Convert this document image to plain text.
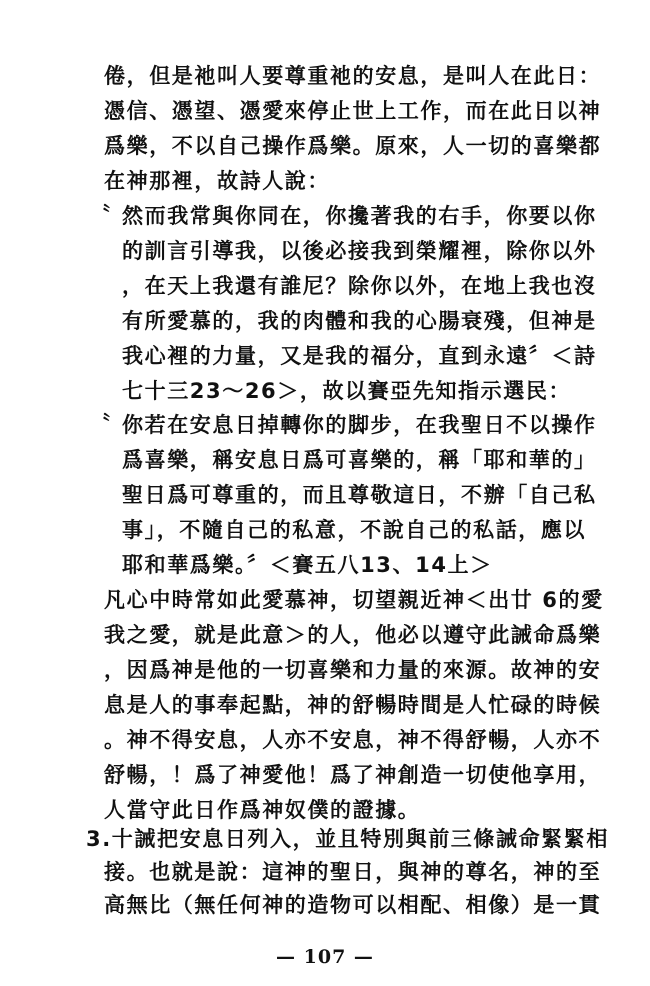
倦，但是祂叫人要尊重祂的安息，是叫人在此日：
憑信、憑望、憑愛來停止世上工作，而在此日以神
爲樂，不以自己操作爲樂。原來，人一切的喜樂都
在神那裡，故詩人說：
〝 然而我常與你同在，你攙著我的右手，你要以你
的訓言引導我，以後必接我到榮耀裡，除你以外
，在天上我還有誰尼？除你以外，在地上我也沒
有所愛慕的，我的肉體和我的心腸衰殘，但神是
我心裡的力量，又是我的福分，直到永遠〞＜詩
七十三23～26＞，故以賽亞先知指示選民：
〝 你若在安息日掉轉你的脚步，在我聖日不以操作
爲喜樂，稱安息日爲可喜樂的，稱「耶和華的」
聖日爲可尊重的，而且尊敬這日，不辦「自己私
事」，不隨自己的私意，不說自己的私話，應以
耶和華爲樂。〞＜賽五八13、14上＞
凡心中時常如此愛慕神，切望親近神＜出廿 6的愛
我之愛，就是此意＞的人，他必以遵守此誡命爲樂
，因爲神是他的一切喜樂和力量的來源。故神的安
息是人的事奉起點，神的舒暢時間是人忙碌的時候
。神不得安息，人亦不安息，神不得舒暢，人亦不
舒暢，！爲了神愛他！爲了神創造一切使他享用，
人當守此日作爲神奴僕的證據。
3.十誡把安息日列入，並且特別與前三條誡命緊緊相
接。也就是說：這神的聖日，與神的尊名，神的至
高無比（無任何神的造物可以相配、相像）是一貫
— 107 —
